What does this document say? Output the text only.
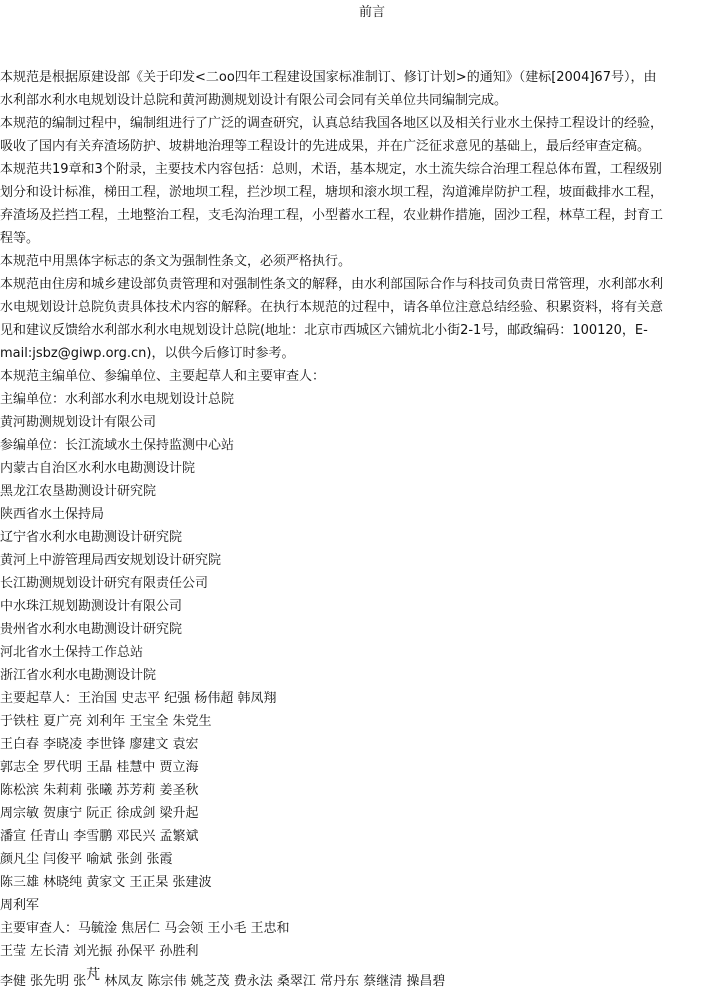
前言
本规范是根据原建设部《关于印发<二oo四年工程建设国家标准制订、修订计划>的通知》（建标[2004]67号），由
水利部水利水电规划设计总院和黄河勘测规划设计有限公司会同有关单位共同编制完成。
本规范的编制过程中，编制组进行了广泛的调查研究，认真总结我国各地区以及相关行业水土保持工程设计的经验，
吸收了国内有关弃渣场防护、坡耕地治理等工程设计的先进成果，并在广泛征求意见的基础上，最后经审查定稿。
本规范共19章和3个附录，主要技术内容包括：总则，术语，基本规定，水土流失综合治理工程总体布置，工程级别
划分和设计标准，梯田工程，淤地坝工程，拦沙坝工程，塘坝和滚水坝工程，沟道滩岸防护工程，坡面截排水工程，
弃渣场及拦挡工程，土地整治工程，支毛沟治理工程，小型蓄水工程，农业耕作措施，固沙工程，林草工程，封育工
程等。
本规范中用黑体字标志的条文为强制性条文，必须严格执行。
本规范由住房和城乡建设部负责管理和对强制性条文的解释，由水利部国际合作与科技司负责日常管理，水利部水利
水电规划设计总院负责具体技术内容的解释。在执行本规范的过程中，请各单位注意总结经验、积累资料，将有关意
见和建议反馈给水利部水利水电规划设计总院(地址：北京市西城区六铺炕北小街2-1号，邮政编码：100120，E-
mail:jsbz@giwp.org.cn)，以供今后修订时参考。
本规范主编单位、参编单位、主要起草人和主要审查人：
主编单位：水利部水利水电规划设计总院
黄河勘测规划设计有限公司
参编单位：长江流域水土保持监测中心站
内蒙古自治区水利水电勘测设计院
黑龙江农垦勘测设计研究院
陕西省水土保持局
辽宁省水利水电勘测设计研究院
黄河上中游管理局西安规划设计研究院
长江勘测规划设计研究有限责任公司
中水珠江规划勘测设计有限公司
贵州省水利水电勘测设计研究院
河北省水土保持工作总站
浙江省水利水电勘测设计院
主要起草人：王治国 史志平 纪强 杨伟超 韩凤翔
于铁柱 夏广亮 刘利年 王宝全 朱党生
王白春 李晓凌 李世锋 廖建文 袁宏
郭志全 罗代明 王晶 桂慧中 贾立海
陈松滨 朱莉莉 张曦 苏芳莉 姜圣秋
周宗敏 贺康宁 阮正 徐成剑 梁升起
潘宣 任青山 李雪鹏 邓民兴 孟繁斌
颜凡尘 闫俊平 喻斌 张剑 张霞
陈三雄 林晓纯 黄家文 王正杲 张建波
周利军
主要审查人：马毓淦 焦居仁 马会领 王小毛 王忠和
王莹 左长清 刘光振 孙保平 孙胜利
李健 张先明 张芃 林凤友 陈宗伟 姚芝茂 费永法 桑翠江 常丹东 蔡继清 操昌碧
